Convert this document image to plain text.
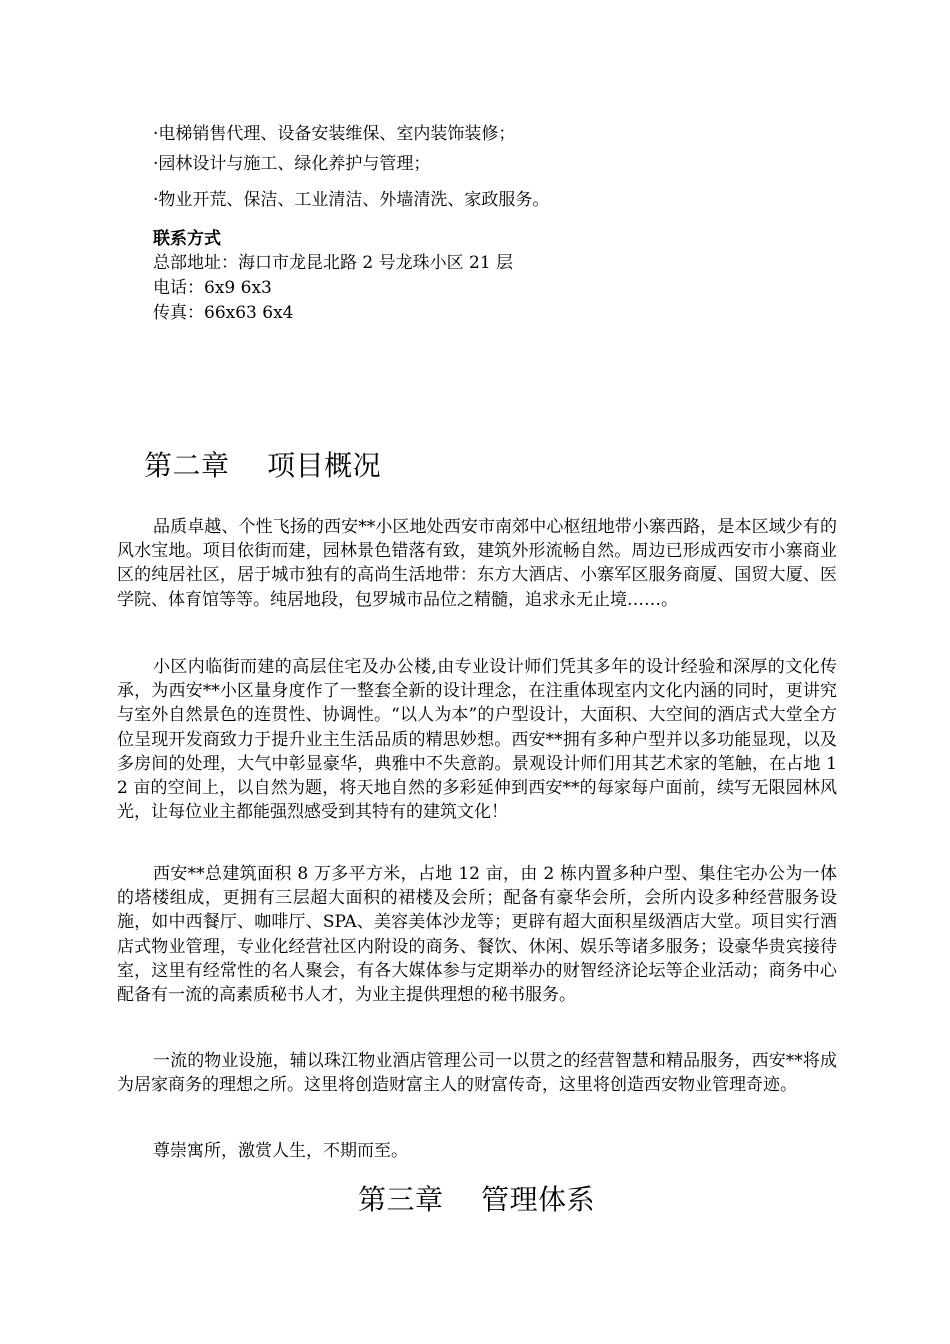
·电梯销售代理、设备安装维保、室内装饰装修；
·园林设计与施工、绿化养护与管理；
·物业开荒、保洁、工业清洁、外墙清洗、家政服务。
联系方式
总部地址：海口市龙昆北路 2 号龙珠小区 21 层
电话：6x9 6x3
传真：66x63 6x4
第二章    项目概况
品质卓越、个性飞扬的西安**小区地处西安市南郊中心枢纽地带小寨西路，是本区域少有的风水宝地。项目依街而建，园林景色错落有致，建筑外形流畅自然。周边已形成西安市小寨商业区的纯居社区，居于城市独有的高尚生活地带：东方大酒店、小寨军区服务商厦、国贸大厦、医学院、体育馆等等。纯居地段，包罗城市品位之精髓，追求永无止境……。
小区内临街而建的高层住宅及办公楼,由专业设计师们凭其多年的设计经验和深厚的文化传承，为西安**小区量身度作了一整套全新的设计理念，在注重体现室内文化内涵的同时，更讲究与室外自然景色的连贯性、协调性。“以人为本”的户型设计，大面积、大空间的酒店式大堂全方位呈现开发商致力于提升业主生活品质的精思妙想。西安**拥有多种户型并以多功能显现，以及多房间的处理，大气中彰显豪华，典雅中不失意韵。景观设计师们用其艺术家的笔触，在占地 12 亩的空间上，以自然为题，将天地自然的多彩延伸到西安**的每家每户面前，续写无限园林风光，让每位业主都能强烈感受到其特有的建筑文化！
西安**总建筑面积 8 万多平方米，占地 12 亩，由 2 栋内置多种户型、集住宅办公为一体的塔楼组成，更拥有三层超大面积的裙楼及会所；配备有豪华会所，会所内设多种经营服务设施，如中西餐厅、咖啡厅、SPA、美容美体沙龙等；更辟有超大面积星级酒店大堂。项目实行酒店式物业管理，专业化经营社区内附设的商务、餐饮、休闲、娱乐等诸多服务；设豪华贵宾接待室，这里有经常性的名人聚会，有各大媒体参与定期举办的财智经济论坛等企业活动；商务中心配备有一流的高素质秘书人才，为业主提供理想的秘书服务。
一流的物业设施，辅以珠江物业酒店管理公司一以贯之的经营智慧和精品服务，西安**将成为居家商务的理想之所。这里将创造财富主人的财富传奇，这里将创造西安物业管理奇迹。
尊崇寓所，激赏人生，不期而至。
第三章    管理体系
